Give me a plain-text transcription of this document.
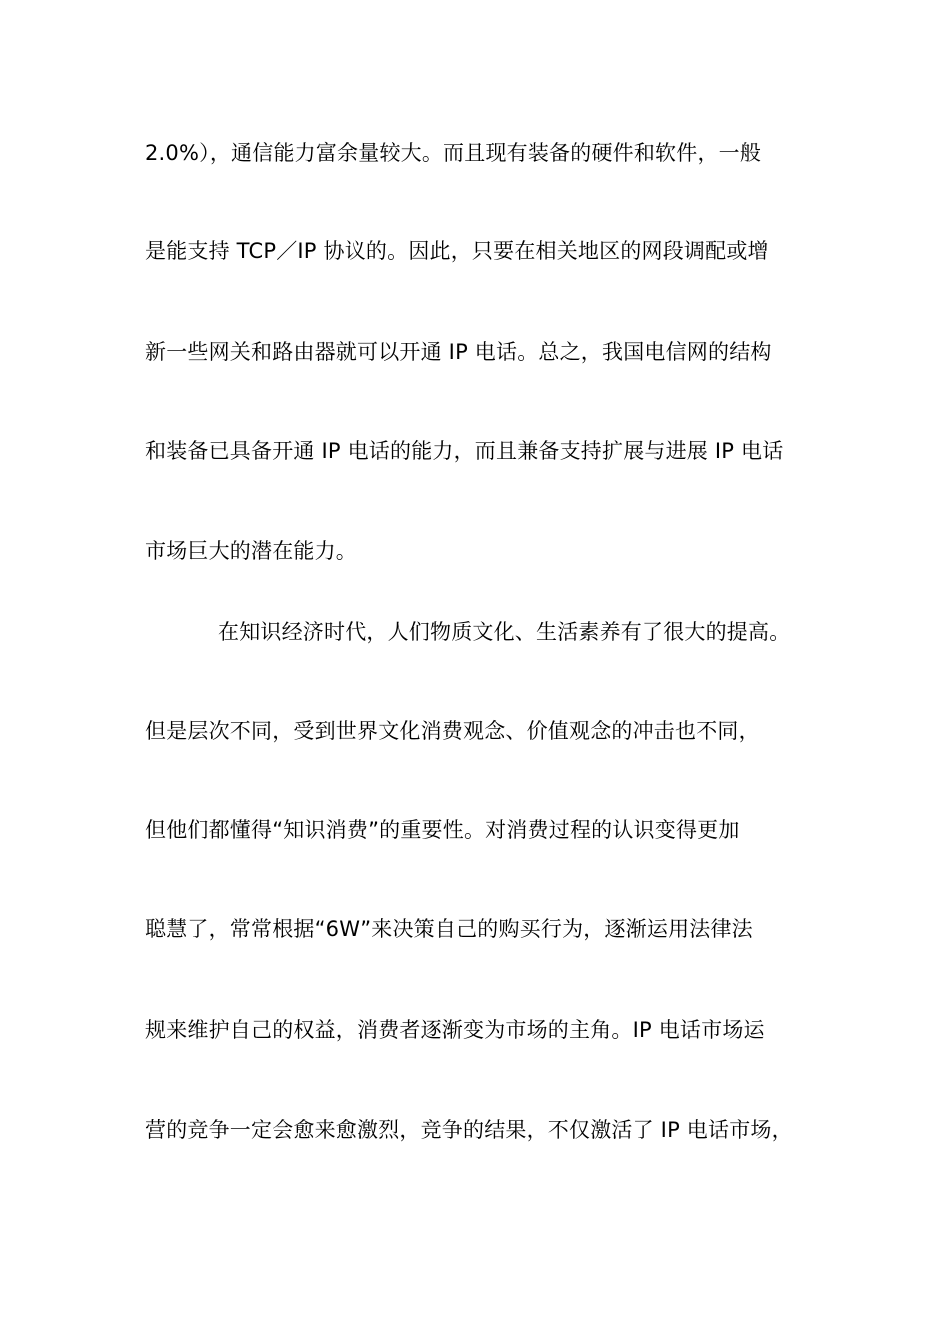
2.0%），通信能力富余量较大。而且现有装备的硬件和软件，一般
是能支持 TCP／IP 协议的。因此，只要在相关地区的网段调配或增
新一些网关和路由器就可以开通 IP 电话。总之，我国电信网的结构
和装备已具备开通 IP 电话的能力，而且兼备支持扩展与进展 IP 电话
市场巨大的潜在能力。
在知识经济时代，人们物质文化、生活素养有了很大的提高。
但是层次不同，受到世界文化消费观念、价值观念的冲击也不同，
但他们都懂得“知识消费”的重要性。对消费过程的认识变得更加
聪慧了，常常根据“6W”来决策自己的购买行为，逐渐运用法律法
规来维护自己的权益，消费者逐渐变为市场的主角。IP 电话市场运
营的竞争一定会愈来愈激烈，竞争的结果，不仅激活了 IP 电话市场，
